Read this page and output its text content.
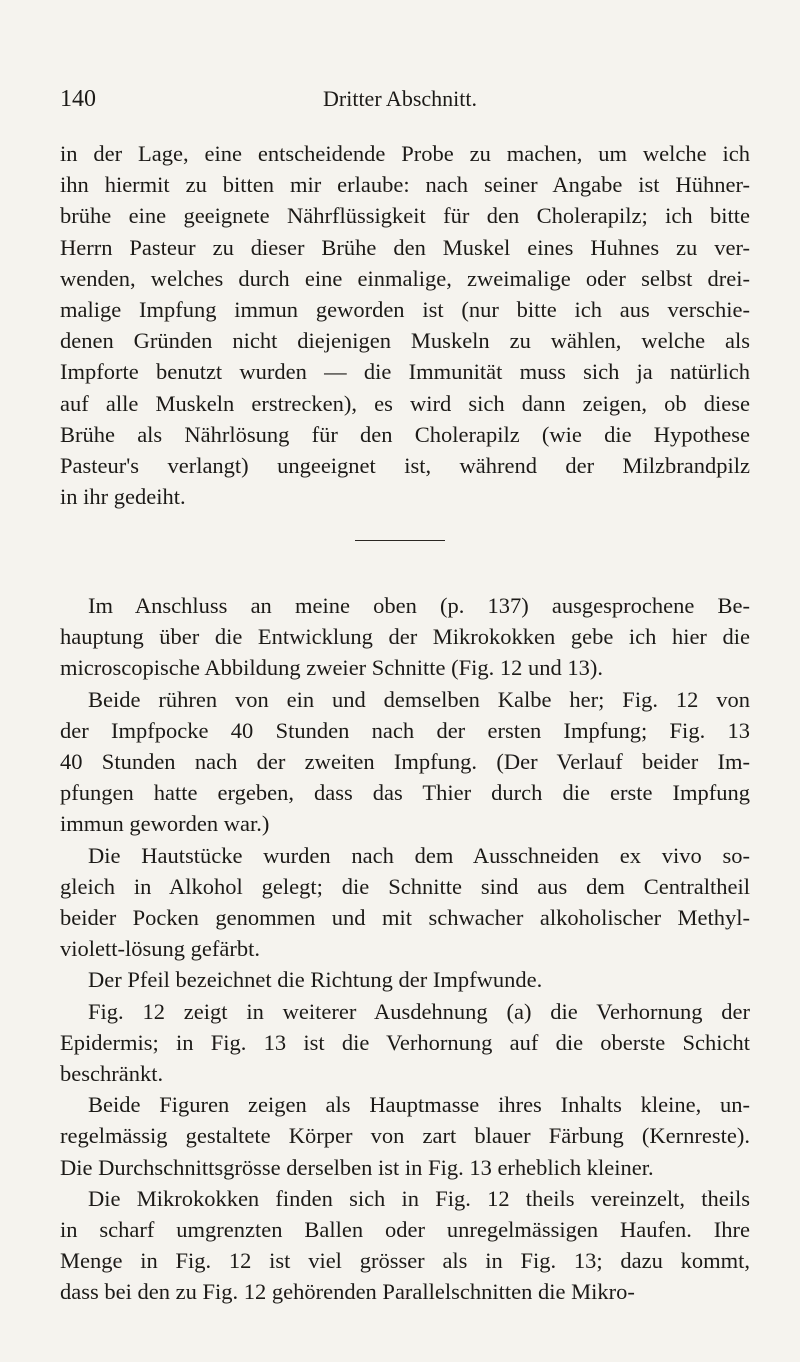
140	Dritter Abschnitt.

in der Lage, eine entscheidende Probe zu machen, um welche ich
ihn hiermit zu bitten mir erlaube: nach seiner Angabe ist Hühner-
brühe eine geeignete Nährflüssigkeit für den Cholerapilz; ich bitte
Herrn Pasteur zu dieser Brühe den Muskel eines Huhnes zu ver-
wenden, welches durch eine einmalige, zweimalige oder selbst drei-
malige Impfung immun geworden ist (nur bitte ich aus verschie-
denen Gründen nicht diejenigen Muskeln zu wählen, welche als
Impforte benutzt wurden — die Immunität muss sich ja natürlich
auf alle Muskeln erstrecken), es wird sich dann zeigen, ob diese
Brühe als Nährlösung für den Cholerapilz (wie die Hypothese
Pasteur's verlangt) ungeeignet ist, während der Milzbrandpilz
in ihr gedeiht.

Im Anschluss an meine oben (p. 137) ausgesprochene Be-
hauptung über die Entwicklung der Mikrokokken gebe ich hier die
microscopische Abbildung zweier Schnitte (Fig. 12 und 13).

Beide rühren von ein und demselben Kalbe her; Fig. 12 von
der Impfpocke 40 Stunden nach der ersten Impfung; Fig. 13
40 Stunden nach der zweiten Impfung. (Der Verlauf beider Im-
pfungen hatte ergeben, dass das Thier durch die erste Impfung
immun geworden war.)

Die Hautstücke wurden nach dem Ausschneiden ex vivo so-
gleich in Alkohol gelegt; die Schnitte sind aus dem Centraltheil
beider Pocken genommen und mit schwacher alkoholischer Methyl-
violett-lösung gefärbt.

Der Pfeil bezeichnet die Richtung der Impfwunde.

Fig. 12 zeigt in weiterer Ausdehnung (a) die Verhornung der
Epidermis; in Fig. 13 ist die Verhornung auf die oberste Schicht
beschränkt.

Beide Figuren zeigen als Hauptmasse ihres Inhalts kleine, un-
regelmässig gestaltete Körper von zart blauer Färbung (Kernreste).
Die Durchschnittsgrösse derselben ist in Fig. 13 erheblich kleiner.

Die Mikrokokken finden sich in Fig. 12 theils vereinzelt, theils
in scharf umgrenzten Ballen oder unregelmässigen Haufen. Ihre
Menge in Fig. 12 ist viel grösser als in Fig. 13; dazu kommt,
dass bei den zu Fig. 12 gehörenden Parallelschnitten die Mikro-
